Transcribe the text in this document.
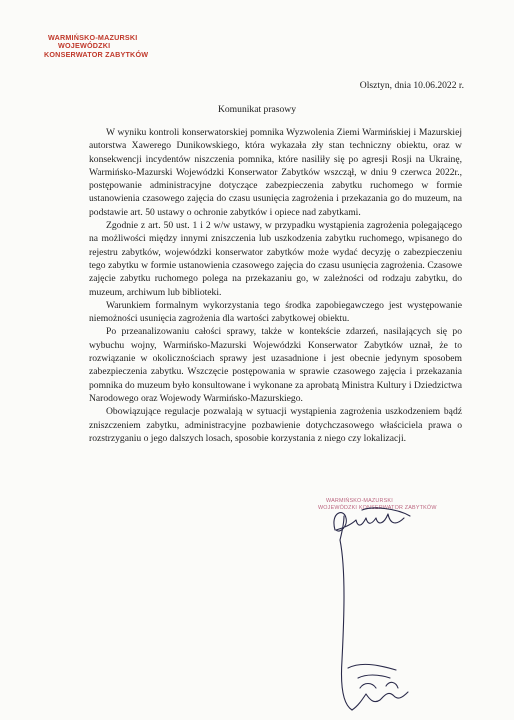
WARMIŃSKO-MAZURSKI
WOJEWÓDZKI
KONSERWATOR ZABYTKÓW
Olsztyn, dnia 10.06.2022 r.
Komunikat prasowy

W wyniku kontroli konserwatorskiej pomnika Wyzwolenia Ziemi Warmińskiej i Mazurskiej autorstwa Xawerego Dunikowskiego, która wykazała zły stan techniczny obiektu, oraz w konsekwencji incydentów niszczenia pomnika, które nasiliły się po agresji Rosji na Ukrainę, Warmińsko-Mazurski Wojewódzki Konserwator Zabytków wszczął, w dniu 9 czerwca 2022r., postępowanie administracyjne dotyczące zabezpieczenia zabytku ruchomego w formie ustanowienia czasowego zajęcia do czasu usunięcia zagrożenia i przekazania go do muzeum, na podstawie art. 50 ustawy o ochronie zabytków i opiece nad zabytkami.

Zgodnie z art. 50 ust. 1 i 2 w/w ustawy, w przypadku wystąpienia zagrożenia polegającego na możliwości między innymi zniszczenia lub uszkodzenia zabytku ruchomego, wpisanego do rejestru zabytków, wojewódzki konserwator zabytków może wydać decyzję o zabezpieczeniu tego zabytku w formie ustanowienia czasowego zajęcia do czasu usunięcia zagrożenia. Czasowe zajęcie zabytku ruchomego polega na przekazaniu go, w zależności od rodzaju zabytku, do muzeum, archiwum lub biblioteki.

Warunkiem formalnym wykorzystania tego środka zapobiegawczego jest występowanie niemożności usunięcia zagrożenia dla wartości zabytkowej obiektu.

Po przeanalizowaniu całości sprawy, także w kontekście zdarzeń, nasilających się po wybuchu wojny, Warmińsko-Mazurski Wojewódzki Konserwator Zabytków uznał, że to rozwiązanie w okolicznościach sprawy jest uzasadnione i jest obecnie jedynym sposobem zabezpieczenia zabytku. Wszczęcie postępowania w sprawie czasowego zajęcia i przekazania pomnika do muzeum było konsultowane i wykonane za aprobatą Ministra Kultury i Dziedzictwa Narodowego oraz Wojewody Warmińsko-Mazurskiego.

Obowiązujące regulacje pozwalają w sytuacji wystąpienia zagrożenia uszkodzeniem bądź zniszczeniem zabytku, administracyjne pozbawienie dotychczasowego właściciela prawa o rozstrzyganiu o jego dalszych losach, sposobie korzystania z niego czy lokalizacji.

WARMIŃSKO-MAZURSKI
WOJEWÓDZKI KONSERWATOR ZABYTKÓW
